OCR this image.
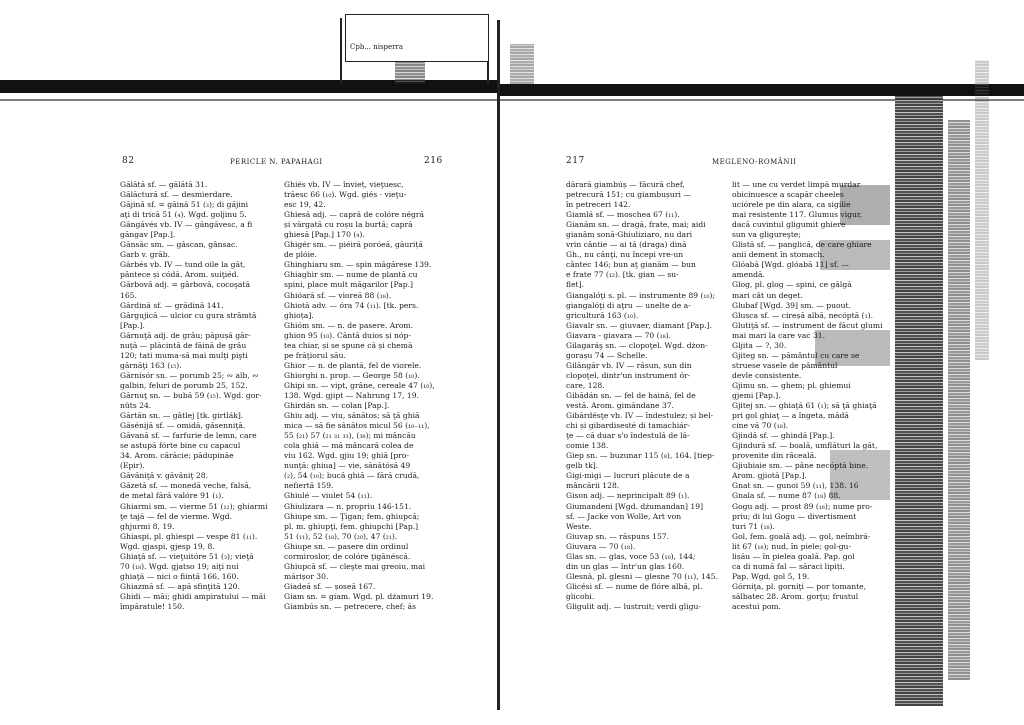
Cpb... nisperra
82	PERICLE N. PAPAHAGI	216
Gălătă sf. — gălătă 31.
Gălăctură sf. — desmierdare.
Găjină sf. = găină 51 (₃); di găjini
aţi di trică 51 (₄). Wgd. goljinu 5.
Găngăvés vb. IV — găngăvesc, a fi
găngav [Pap.].
Gănsăc sm. — gâscan, gânsac.
Garb v. grăb.
Gărbés vb. IV — tund oile la găt,
pântece și códă. Arom. suiţiéd.
Gărbovă adj. = gârbovă, cocoşată
165.
Gărdină sf. — grădină 141.
Gărgujică — ulcior cu gura strâmtă
[Pap.].
Gărnuţă adj. de grâu; păpușă găr-
nuţă — plăcintă de făină de grâu
120; tati muma-să mai mulţi pişti
gărnăţi 163 (₁₅).
Gărnisór sn. — porumb 25; ∾ alb, ∾
galbin, feluri de porumb 25, 152.
Gărnuţ sn. — bubă 59 (₁₅). Wgd. gor-
nüts 24.
Gărtăn sn. — gâtlej [tk. girtlák].
Găsénijă sf. — omidă, găsenniţă.
Găvană sf. — farfurie de lemn, care
se astupă fórte bine cu capacul
34. Arom. cărăcie; pădupinăe
(Epir).
Găvăniţă v. găvăniţ 28.
Găzetă sf. — monedă veche, falsă,
de metal fără valóre 91 (₁).
Ghiarmi sm. — vierme 51 (₁₂); ghiarmi
ţe tajă — fel de vierme. Wgd.
ghjurmi 8, 19.
Ghiaspi, pl. ghiespi — vespe 81 (₁₁).
Wgd. gjaspi, gjesp 19, 8.
Ghiaţă sf. — vieţuitóre 51 (₃); vieţă
70 (₁₈). Wgd. gjatso 19; aiţi nui
ghiaţă — nici o ființă 166, 160.
Ghiazmă sf. — apă sfinţită 120.
Ghidi — măi; ghidi ampiratului — măi
împăratule! 150.
Ghiés vb. IV — învieț, vieţuesc,
trăesc 66 (₁₀). Wgd. giés · vieţu-
esc 19, 42.
Ghiesă adj. — capră de colóre négră
și vărgată cu roșu la burtă; capră
ghiesă [Pap.] 170 (₄).
Ghigér sm. — piéiră poróeă, găuriță
de plóie.
Ghinghiaru sm. — spin măgărese 139.
Ghiaghir sm. — nume de plantă cu
spini, place mult măgarilor [Pap.]
Ghióară sf. — vioreă 88 (₁₈).
Ghiotă adv. — óra 74 (₁₁). [tk. pers.
ghioța].
Ghióm sm. — n. de pasere. Arom.
ghion 95 (₁₀). Căntă duios și nóp-
tea chiar, și se spune că și chemă
pe frăţiorul său.
Ghior — n. de plantă, fel de viorele.
Ghiorghi n. prop. — George 58 (₁₀).
Ghipi sn. — vipt, grâne, cereale 47 (₁₀),
138. Wgd. gjipt — Nahrung 17, 19.
Ghirdán sn. — colan [Pap.].
Ghiu adj. — viu, sănătos; să ţă ghiă
mica — să fie sănătos micul 56 (₁₀₋₁₁),
55 (₂₁) 57 (₂₁ ₃₁ ₃₃), (₃₈); mi mâncău
cola ghiă — mă mâncară colea de
viu 162. Wgd. gjiu 19; ghiă [pro-
nunţă: ghiua] — vie, sănătósă 49
(₂), 54 (₁₀); bucă ghiă — fără crudă,
nefiertă 159.
Ghiulé — viulet 54 (₁₁).
Ghiulizara — n. propriu 146-151.
Ghiupe sm. — Ţigan; fem. ghiupcă;
pl. m. ghiupţi, fem. ghiupchi [Pap.]
51 (₁₁), 52 (₁₈), 70 (₂₀), 47 (₂₁).
Ghiupe sn. — pasere din ordinul
cormiroslor, de colóre ţigănéscă.
Ghiupcă sf. — cleşte mai greoiu, mai
mărișor 30.
Giadeă sf. — șoseă 167.
Giam sn. = giam. Wgd. pl. dżamuri 19.
Giambús sn. — petrecere, chef; ăs
217	MEGLENO-ROMÂNII
dărară giambúș — făcură chef,
petrecură 151; cu giambușuri —
în petreceri 142.
Giamlă sf. — moschea 67 (₁₁).
Gianăm sn. — dragă, frate, mai; aidi
gianăm sonă-Ghiuliziaro, nu dari
vrin cântie — ai tă (draga) dină
Gh., nu cânţi, nu începi vre-un
cântec 146; bun aţ gianăm — bun
e frate 77 (₁₂). [tk. gian — su-
flet].
Giangalóţi s. pl. — instrumente 89 (₁₀);
giangalóţi di aţru — unelte de a-
gricultură 163 (₁₀).
Giavalr sn. — giuvaer, diamant [Pap.].
Giavara - giavara — 70 (₁₈).
Gilagaráş sn. — clopoţel. Wgd. dżon-
gorașu 74 — Schelle.
Gilăngăr vb. IV — răsun, sun din
clopoţel, dintr'un instrument ór-
care, 128.
Gibădán sn. — fel de haină, fel de
vestă. Arom. gimăndane 37.
Gibărdésţe vb. IV — îndestulez; și bel-
chi și gibardisesté di tamachiár-
ţe — că duar s'o îndestulă de lă-
comie 138.
Giep sn. — buzunar 115 (₈), 164. [tiep-
gelb tk].
Gigi-migi — lucruri plăcute de a
mâncării 128.
Gison adj. — neprincipalt 89 (₁).
Giumandeni [Wgd. dżumandan] 19]
sf. — Jacke von Wolle, Art von
Weste.
Giuvap sn. — răspuns 157.
Giuvara — 70 (₁₈).
Glas sn. — glas, voce 53 (₁₀), 144;
din un glas — într'un glas 160.
Glesnă, pl. glesni — glesne 70 (₁₁), 145.
Glicési sf. — nume de flóre albă, pl.
glicohi.
Gligulit adj. — lustruit; verdi gligu-
lit — une cu verdet limpă murdar
obicinuesce a scapăr cheeles
uciórele pe din alara, ca sigilie
mai resistente 117. Glumus vigur,
dacă cuvintul gligumit ghiere
sun va gligureşte;
Glistă sf. — panglică, de care ghiare
anii dement în stomach.
Glóabă [Wgd. glóabă 11] sf. —
amendă.
Glog, pl. glog — spini, ce gălgă
mari cât un deget.
Glubaf [Wgd. 39] sm. — puout.
Glusca sf. — cireșă albă, necóptă (₁).
Glutiţă sf. — instrument de făcut glumi
mai mari la care vac 31.
Gljita — ?, 30.
Gjiteg sn. — pământul cu care se
struese vasele de pâmântul
devle consistente.
Gjimu sn. — ghem; pl. ghiemui
gjemi [Pap.].
Gjitej sn. — ghiaţă 61 (₁); să ţă ghiaţă
pri gol ghiaţ — a îngeta, mădă
cine vă 70 (₁₈).
Gjindă sf. — ghindă [Pap.].
Gjindură sf. — boală, umflături la găt,
provenite din răceală.
Gjiubiaie sm. — pâne necóptă bine.
Arom. gjiotă [Pap.].
Gnat sn. — gunoi 59 (₁₁), 138. 16
Gnala sf. — nume 87 (₁₈) 88.
Gogu adj. — prost 89 (₁₆); nume pro-
priu; di lui Gogu — divertisment
turi 71 (₁₈).
Gol, fem. goală adj. — gol, neîmbră-
lit 67 (₁₈); nud, în piele; gol-gu-
lișău — în pielea goală. Pap. gol
ca di numă fal — săraci lipiți.
Pap. Wgd. gol 5, 19.
Górniţa, pl. gorniţi — por tomante,
sălbatec 28. Arom. gorţu; frustul
acestui pom.
